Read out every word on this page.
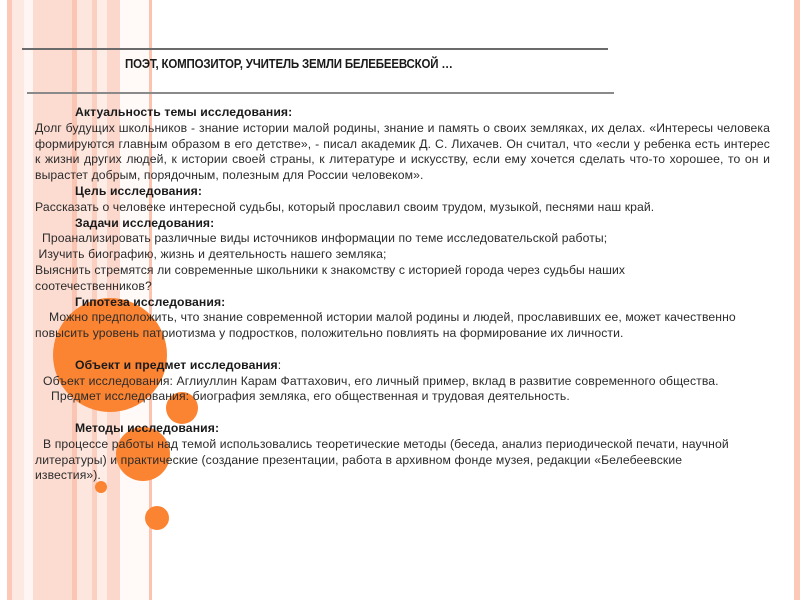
ПОЭТ, КОМПОЗИТОР, УЧИТЕЛЬ ЗЕМЛИ БЕЛЕБЕЕВСКОЙ …

Актуальность темы исследования:

Долг будущих школьников - знание истории малой родины, знание и память о своих земляках, их делах. «Интересы человека формируются главным образом в его детстве», - писал академик Д. С. Лихачев. Он считал, что «если у ребенка есть интерес к жизни других людей, к истории своей страны, к литературе и искусству, если ему хочется сделать что-то хорошее, то он и вырастет добрым, порядочным, полезным для России человеком».

Цель исследования:

Рассказать о человеке интересной судьбы, который прославил своим трудом, музыкой, песнями наш край.

Задачи исследования:

Проанализировать различные виды источников информации по теме исследовательской работы;

Изучить биографию, жизнь и деятельность нашего земляка;

Выяснить стремятся ли современные школьники к знакомству с историей города через судьбы наших соотечественников?

Гипотеза исследования:

Можно предположить, что знание современной истории малой родины и людей, прославивших ее, может качественно повысить уровень патриотизма у подростков, положительно повлиять на формирование их личности.

Объект и предмет исследования:

Объект исследования: Аглиуллин Карам Фаттахович, его личный пример, вклад в развитие современного общества.

Предмет исследования: биография земляка, его общественная и трудовая деятельность.

Методы исследования:

В процессе работы над темой использовались теоретические методы (беседа, анализ периодической печати, научной литературы) и практические (создание презентации, работа в архивном фонде музея, редакции «Белебеевские известия»).
